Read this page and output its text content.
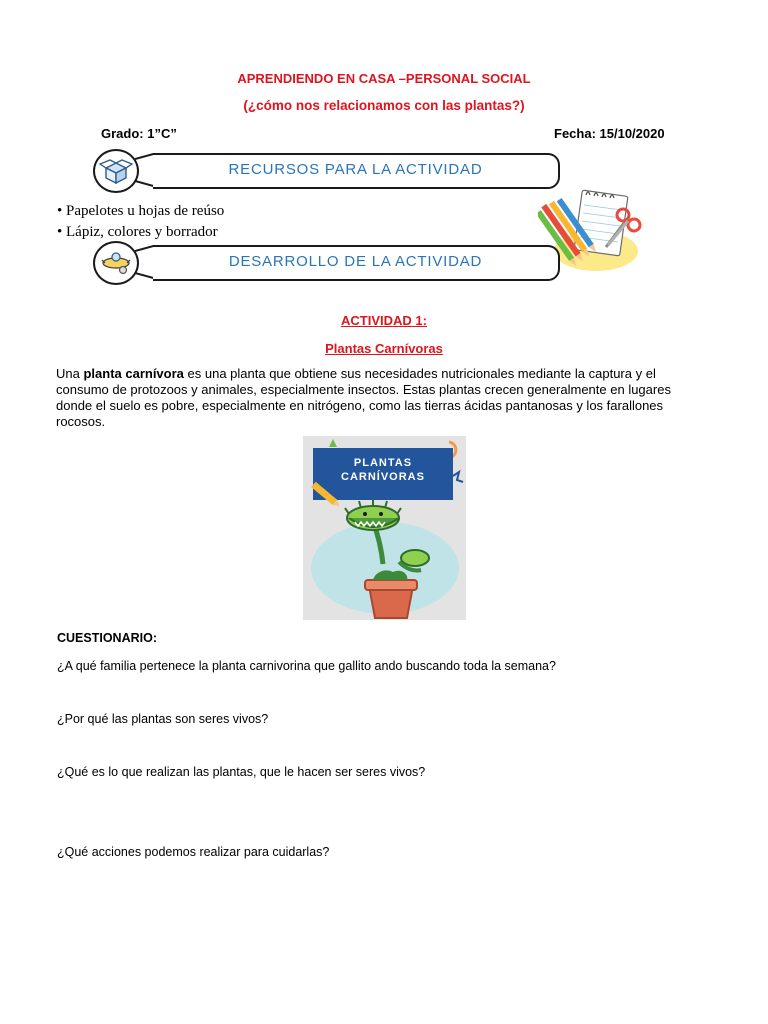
APRENDIENDO EN CASA –PERSONAL SOCIAL
(¿cómo nos relacionamos con las plantas?)
Grado: 1”C”	Fecha: 15/10/2020
RECURSOS PARA LA ACTIVIDAD
• Papelotes u hojas de reúso
• Lápiz, colores y borrador
DESARROLLO DE LA ACTIVIDAD
ACTIVIDAD 1:
Plantas Carnívoras
Una planta carnívora es una planta que obtiene sus necesidades nutricionales mediante la captura y el consumo de protozoos y animales, especialmente insectos. Estas plantas crecen generalmente en lugares donde el suelo es pobre, especialmente en nitrógeno, como las tierras ácidas pantanosas y los farallones rocosos.
PLANTAS
CARNÍVORAS
CUESTIONARIO:
¿A qué familia pertenece la planta carnivorina que gallito ando buscando toda la semana?
¿Por qué las plantas son seres vivos?
¿Qué es lo que realizan las plantas, que le hacen ser seres vivos?
¿Qué acciones podemos realizar para cuidarlas?
